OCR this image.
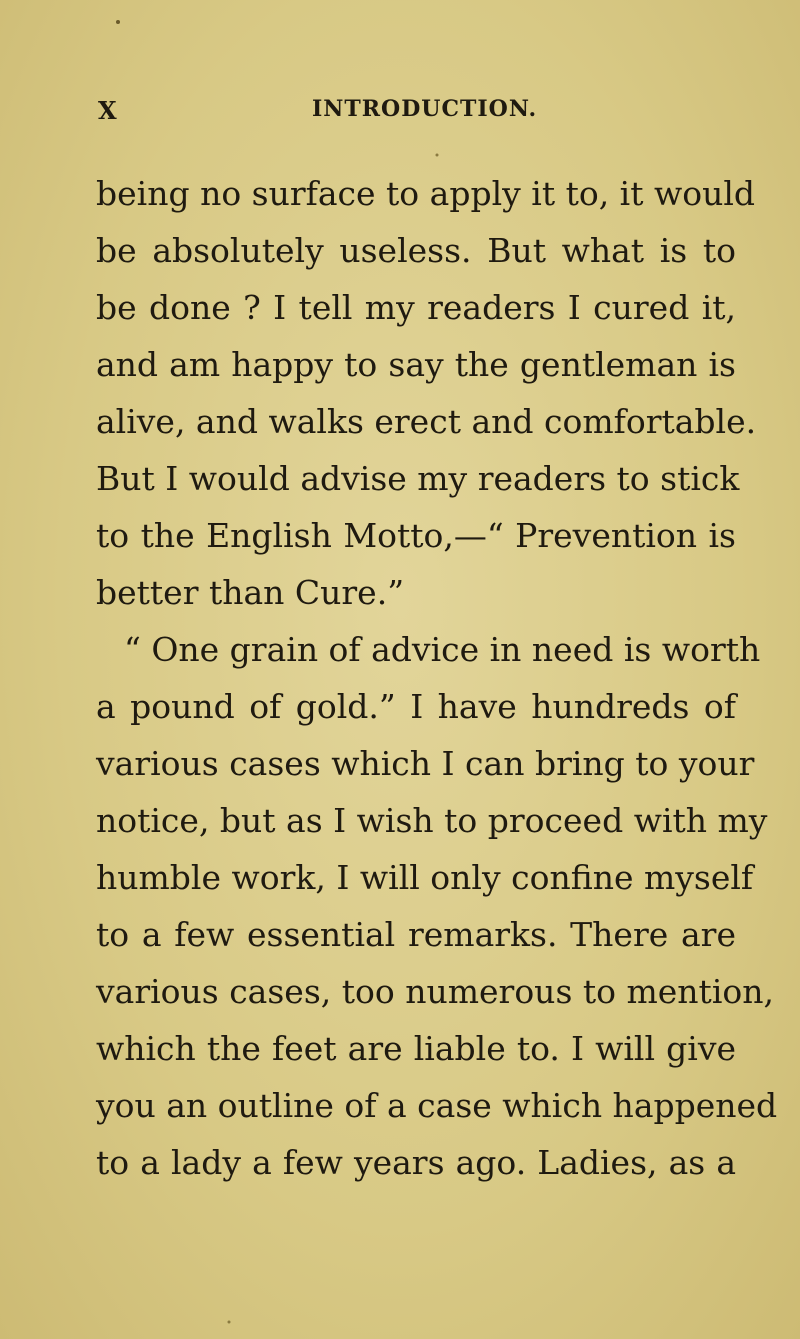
X	INTRODUCTION.
being no surface to apply it to, it would
be absolutely useless. But what is to
be done ? I tell my readers I cured it,
and am happy to say the gentleman is
alive, and walks erect and comfortable.
But I would advise my readers to stick
to the English Motto,—“ Prevention is
better than Cure.”
“ One grain of advice in need is worth
a pound of gold.” I have hundreds of
various cases which I can bring to your
notice, but as I wish to proceed with my
humble work, I will only confine myself
to a few essential remarks. There are
various cases, too numerous to mention,
which the feet are liable to. I will give
you an outline of a case which happened
to a lady a few years ago. Ladies, as a
